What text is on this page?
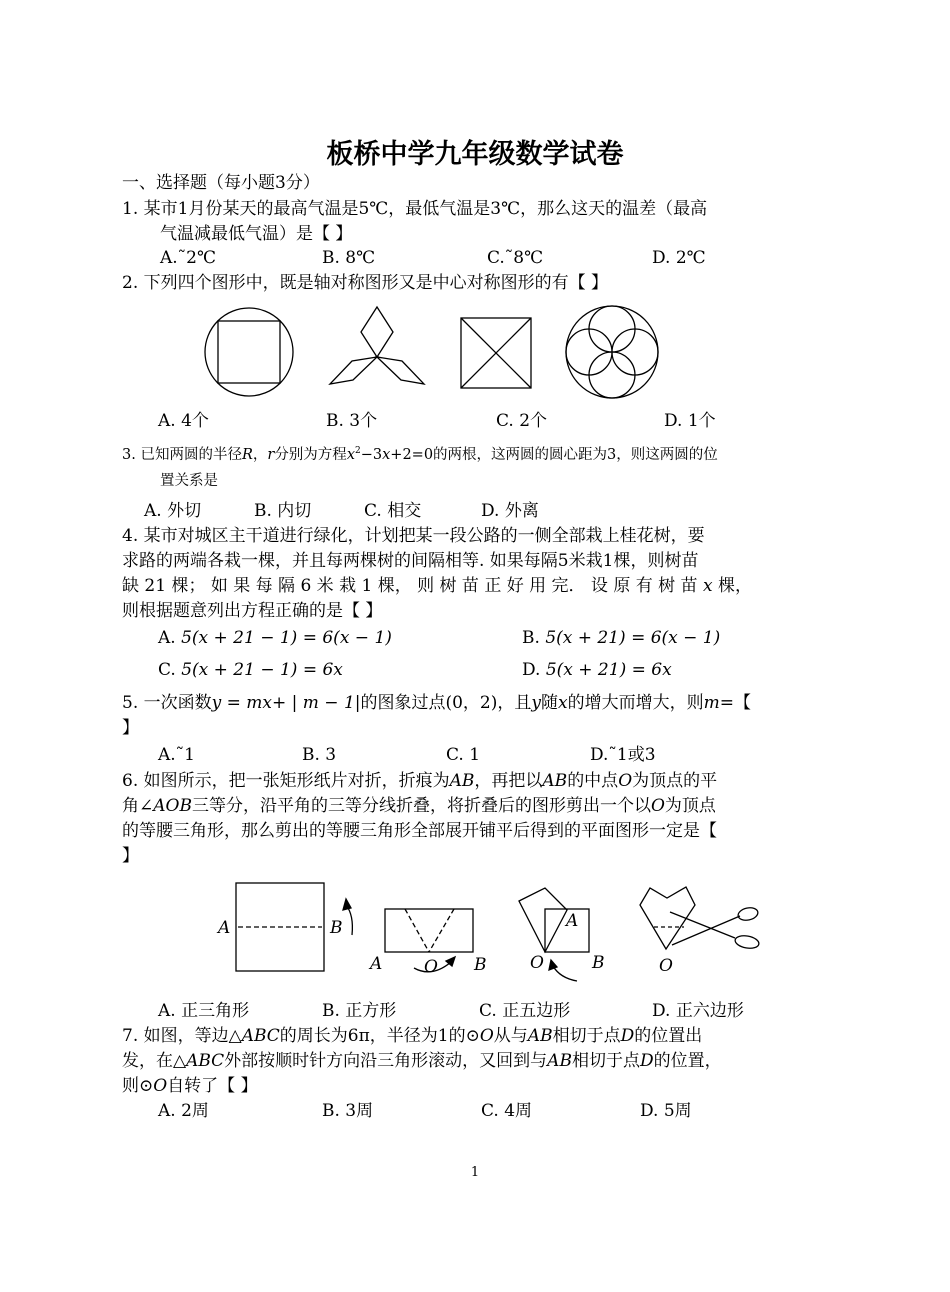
板桥中学九年级数学试卷
一、选择题（每小题3分）
1. 某市1月份某天的最高气温是5℃，最低气温是3℃，那么这天的温差（最高
气温减最低气温）是【 】
A.˜2℃	B. 8℃	C.˜8℃	D. 2℃
2. 下列四个图形中，既是轴对称图形又是中心对称图形的有【 】
A. 4个	B. 3个	C. 2个	D. 1个
3. 已知两圆的半径R，r分别为方程$x^2-3x+2=0$的两根，这两圆的圆心距为3，则这两圆的位
置关系是
A. 外切	B. 内切	C. 相交	D. 外离
4. 某市对城区主干道进行绿化，计划把某一段公路的一侧全部栽上桂花树，要
求路的两端各栽一棵，并且每两棵树的间隔相等. 如果每隔5米栽1棵，则树苗
缺 21 棵； 如 果 每 隔 6 米 栽 1 棵， 则 树 苗 正 好 用 完． 设 原 有 树 苗 x 棵，
则根据题意列出方程正确的是【 】
A. 5(x + 21 − 1) = 6(x − 1)	B. 5(x + 21) = 6(x − 1)
C. 5(x + 21 − 1) = 6x	D. 5(x + 21) = 6x
5. 一次函数y = mx+ | m − 1|的图象过点(0，2)，且y随x的增大而增大，则m=【
】
A.˜1	B. 3	C. 1	D.˜1或3
6. 如图所示，把一张矩形纸片对折，折痕为AB，再把以AB的中点O为顶点的平
角∠AOB三等分，沿平角的三等分线折叠，将折叠后的图形剪出一个以O为顶点
的等腰三角形，那么剪出的等腰三角形全部展开铺平后得到的平面图形一定是【
】
A	B
A O B
A
O	B	O
A. 正三角形	B. 正方形	C. 正五边形	D. 正六边形
7. 如图，等边△ABC的周长为6π，半径为1的⊙O从与AB相切于点D的位置出
发，在△ABC外部按顺时针方向沿三角形滚动，又回到与AB相切于点D的位置，
则⊙O自转了【 】
A. 2周	B. 3周	C. 4周	D. 5周
1
